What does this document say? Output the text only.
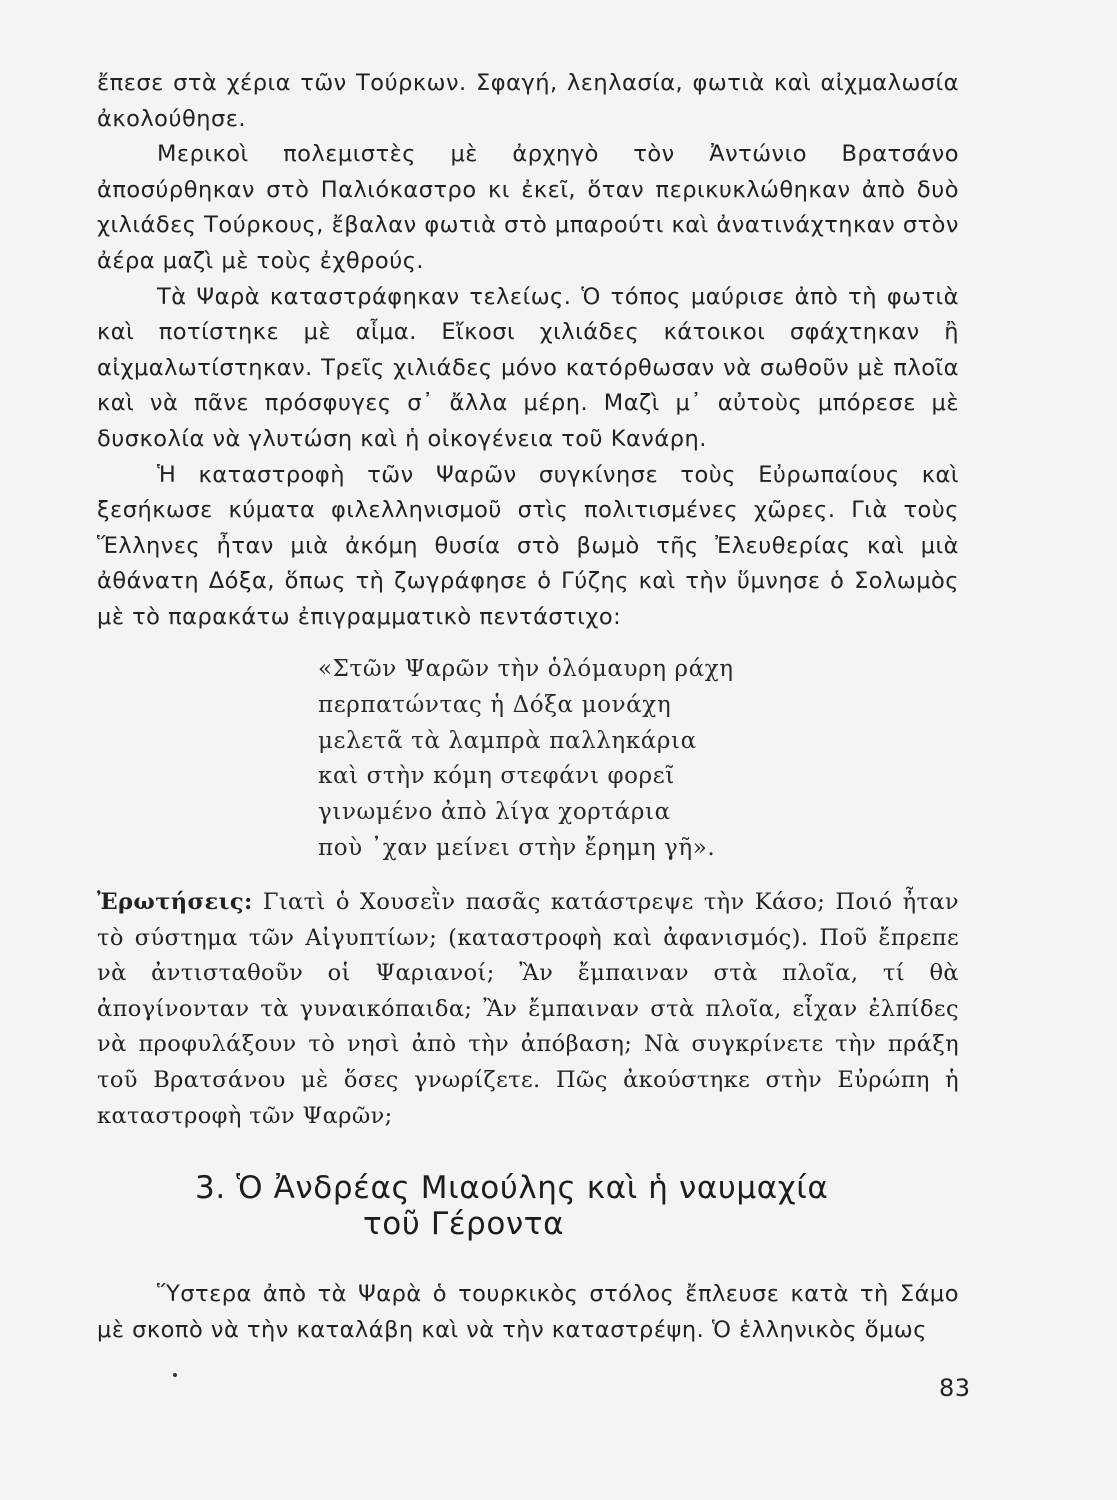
ἔπεσε στὰ χέρια τῶν Τούρκων. Σφαγή, λεηλασία, φωτιὰ καὶ αἰχμαλωσία ἀκολούθησε.

Μερικοὶ πολεμιστὲς μὲ ἀρχηγὸ τὸν Ἀντώνιο Βρατσάνο ἀποσύρθηκαν στὸ Παλιόκαστρο κι ἐκεῖ, ὅταν περικυκλώθηκαν ἀπὸ δυὸ χιλιάδες Τούρκους, ἔβαλαν φωτιὰ στὸ μπαρούτι καὶ ἀνατινάχτηκαν στὸν ἀέρα μαζὶ μὲ τοὺς ἐχθρούς.

Τὰ Ψαρὰ καταστράφηκαν τελείως. Ὁ τόπος μαύρισε ἀπὸ τὴ φωτιὰ καὶ ποτίστηκε μὲ αἷμα. Εἴκοσι χιλιάδες κάτοικοι σφάχτηκαν ἢ αἰχμαλωτίστηκαν. Τρεῖς χιλιάδες μόνο κατόρθωσαν νὰ σωθοῦν μὲ πλοῖα καὶ νὰ πᾶνε πρόσφυγες σ᾿ ἄλλα μέρη. Μαζὶ μ᾿ αὐτοὺς μπόρεσε μὲ δυσκολία νὰ γλυτώση καὶ ἡ οἰκογένεια τοῦ Κανάρη.

Ἡ καταστροφὴ τῶν Ψαρῶν συγκίνησε τοὺς Εὐρωπαίους καὶ ξεσήκωσε κύματα φιλελληνισμοῦ στὶς πολιτισμένες χῶρες. Γιὰ τοὺς Ἕλληνες ἦταν μιὰ ἀκόμη θυσία στὸ βωμὸ τῆς Ἐλευθερίας καὶ μιὰ ἀθάνατη Δόξα, ὅπως τὴ ζωγράφησε ὁ Γύζης καὶ τὴν ὕμνησε ὁ Σολωμὸς μὲ τὸ παρακάτω ἐπιγραμματικὸ πεντάστιχο:

«Στῶν Ψαρῶν τὴν ὁλόμαυρη ράχη
περπατώντας ἡ Δόξα μονάχη
μελετᾶ τὰ λαμπρὰ παλληκάρια
καὶ στὴν κόμη στεφάνι φορεῖ
γινωμένο ἀπὸ λίγα χορτάρια
ποὺ ᾿χαν μείνει στὴν ἔρημη γῆ».
Ἐρωτήσεις: Γιατὶ ὁ Χουσεῒν πασᾶς κατάστρεψε τὴν Κάσο; Ποιό ἦταν τὸ σύστημα τῶν Αἰγυπτίων; (καταστροφὴ καὶ ἀφανισμός). Ποῦ ἔπρεπε νὰ ἀντισταθοῦν οἱ Ψαριανοί; Ἂν ἔμπαιναν στὰ πλοῖα, τί θὰ ἀπογίνονταν τὰ γυναικόπαιδα; Ἂν ἔμπαιναν στὰ πλοῖα, εἶχαν ἐλπίδες νὰ προφυλάξουν τὸ νησὶ ἀπὸ τὴν ἀπόβαση; Νὰ συγκρίνετε τὴν πράξη τοῦ Βρατσάνου μὲ ὅσες γνωρίζετε. Πῶς ἀκούστηκε στὴν Εὐρώπη ἡ καταστροφὴ τῶν Ψαρῶν;
3. Ὁ Ἀνδρέας Μιαούλης καὶ ἡ ναυμαχία
τοῦ Γέροντα

Ὕστερα ἀπὸ τὰ Ψαρὰ ὁ τουρκικὸς στόλος ἔπλευσε κατὰ τὴ Σάμο μὲ σκοπὸ νὰ τὴν καταλάβη καὶ νὰ τὴν καταστρέψη. Ὁ ἑλληνικὸς ὅμως

83
